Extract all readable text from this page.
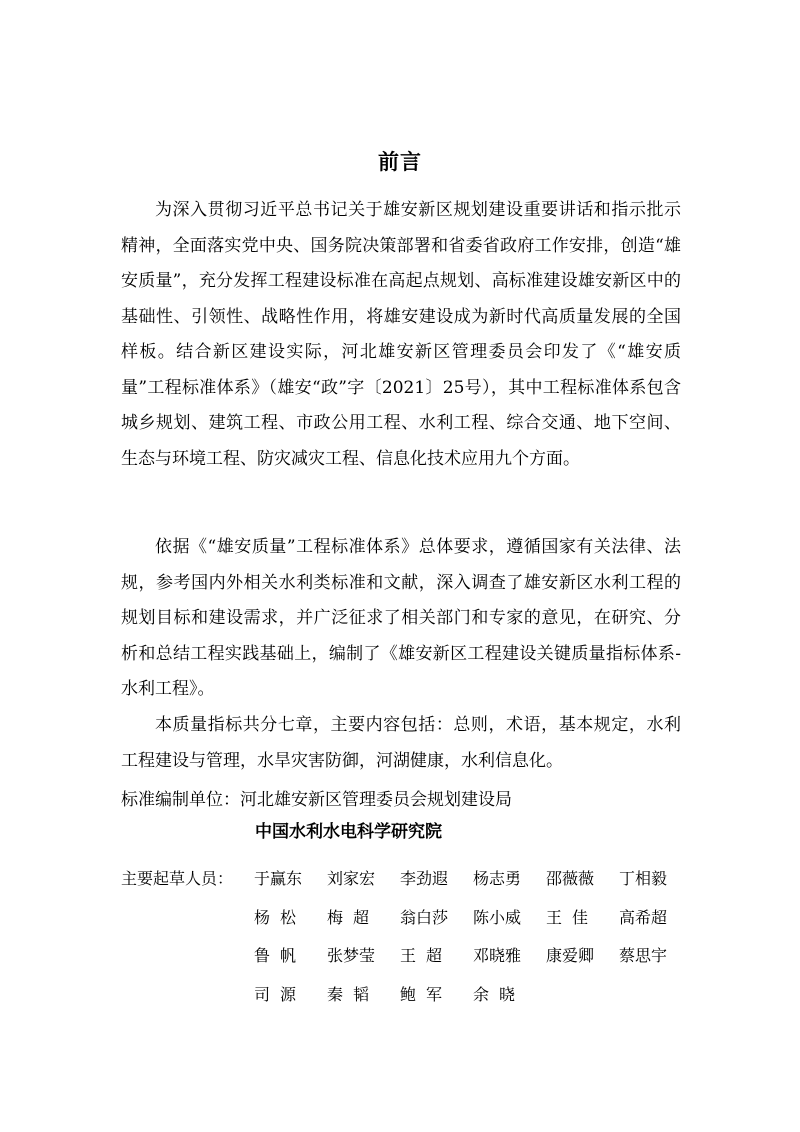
前言

为深入贯彻习近平总书记关于雄安新区规划建设重要讲话和指示批示精神，全面落实党中央、国务院决策部署和省委省政府工作安排，创造“雄安质量”，充分发挥工程建设标准在高起点规划、高标准建设雄安新区中的基础性、引领性、战略性作用，将雄安建设成为新时代高质量发展的全国样板。结合新区建设实际，河北雄安新区管理委员会印发了《“雄安质量”工程标准体系》（雄安“政”字〔2021〕25号），其中工程标准体系包含城乡规划、建筑工程、市政公用工程、水利工程、综合交通、地下空间、生态与环境工程、防灾减灾工程、信息化技术应用九个方面。

依据《“雄安质量”工程标准体系》总体要求，遵循国家有关法律、法规，参考国内外相关水利类标准和文献，深入调查了雄安新区水利工程的规划目标和建设需求，并广泛征求了相关部门和专家的意见，在研究、分析和总结工程实践基础上，编制了《雄安新区工程建设关键质量指标体系-水利工程》。

本质量指标共分七章，主要内容包括：总则，术语，基本规定，水利工程建设与管理，水旱灾害防御，河湖健康，水利信息化。

标准编制单位：河北雄安新区管理委员会规划建设局
中国水利水电科学研究院
主要起草人员： 于赢东 刘家宏 李劲遐 杨志勇 邵薇薇 丁相毅
杨松 梅超 翁白莎 陈小威 王佳 高希超
鲁帆 张梦莹 王超 邓晓雅 康爱卿 蔡思宇
司源 秦韬 鲍军 余晓
